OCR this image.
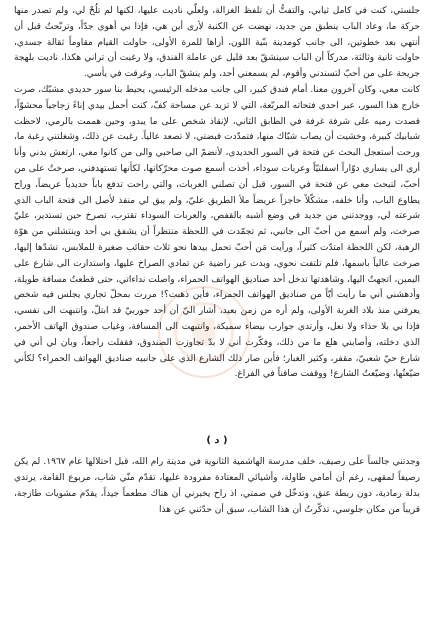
جلستي، كنت في كامل ثيابي، والتفتُّ أن تلفظ الغزالة، ولعلّي ناديت عليها، لكنها لم تلُحْ لي، ولم تصدر منها حركة ما، وعاد الباب ينطبق من جديد، نهضت عن الكنبة لأرى أين هي، فإذا بي أهوي جدّاً، وترنّحتُ قبل أن أنتهي بعد خطوتين، الى جانب كومدينة بنّية اللون، أراها للمرة الأولى، حاولت القيام مقاوماً ثقالة جسدي، حاولت ثانية وثالثة، مدركاً أن الباب سينشقّ بعد قليل عن عاملة الفندق، ولا رغبت أن تراني هكذا، ناديت بلهجة جريحة على من أحبّ لتسندني وأقوم، لم يسمعني أحد، ولم ينشقّ الباب، وغرقت في يأسي.

كانت معي، وكان آخرون معنا. أمام فندق كبير، الى جانب مدخله الرئيسي، يحيط بنا سور حديدي مشبّك، صرت خارج هذا السور، عبر احدى فتحاته المربّعة، التي لا تزيد عن مساحة كفّ، كنت أحمل بيدي إناءً زجاجياً محشوّاً، قصدت رميه على شرفة غرفة في الطابق الثاني، لإنقاذ شخص على ما يبدو، وحين هممت بالرمي، لاحظت شبابيك كبيرة، وخشيت أن يصاب شبّاك منها، فتمدّدت قبضتي، لا تصعد عالياً. رغبت عن ذلك، وشغلتني رغبة ما، ورحت أستعجل البحث عن فتحة في السور الحديدي، لأنضمّ الى صاحبي والى من كانوا معي، ارتعش بدني وأنا أرى الى يساري دوّاراً اسفلتيّاً وعربات سوداء، أخذت أسمع صوت محرّكاتها، لكأنها تستهدفني، صرختُ على من أحبّ، لتبحث معي عن فتحة في السور، قبل أن تصلني العربات، والتي راحت تدفع باباً حديدياً عريضاً، وراح يطاوع الباب، وأنا خلفه، مشكّلاً حاجزاً عريضاً ملأ الطريق عليّ، ولم يبق لي منفذ لأصل الى فتحة الباب الذي شرعته لي، ووجدتني من جديد في وضع أشبه بالقفص، والعربات السوداء تقترب، تصرخ حين تستدير، عليّ صرخت، ولم أسمع من أحبّ الى جانبي، ثم تجمّدت في اللحظة منتظراً أن يشفق بي أحد وينتشلني من هوّة الرهبة، لكن اللحظة امتدّت كثيراً، ورأيت مَن أحبّ تحمل بيدها نحو ثلاث حقائب صغيرة للملابس، تشدّها إليها، صرخت عالياً باسمها، فلم تلتفت نحوي، وبدت غير راضية عن تمادي الصراخ عليها، واستدارت الى شارع على اليمين، اتجهتُ اليها، وشاهدتها تدخل أحد صناديق الهواتف الحمراء، واصلت نداءاتي، حتى قطعتُ مسافة طويلة، وأدهشني أني ما رأيت أيّاً من صناديق الهواتف الحمراء، فأين ذهبت؟! مررت بمحلّ تجاري يجلس فيه شخص يعرفني منذ بلاد الغربة الأولى، ولم أره من زمن بعيد، أشار اليّ أن أحد جوربيّ قد ابتلّ، وانتبهت الى نفسي، فإذا بي بلا حذاء ولا نعل، وأرتدي جوارب بيضاء سميكة، وانتبهت الى المسافة، وغياب صندوق الهاتف الأحمر، الذي دخلته، وأصابني هلع ما من ذلك، وفكّرت أني لا بدّ تجاوزت الصندوق، فقفلت راجعاً، وبان لي أني في شارع حيّ شعبيّ، مقفر، وكثير الغبار؛ فأين صار ذلك الشارع الذي على جانبيه صناديق الهواتف الحمراء؟ لكأني ضيّعتُها، وضيّعتُ الشارع! ووقفت صافناً في الفراغ.

( د )

وجدتني جالساً على رصيف، خلف مدرسة الهاشمية الثانوية في مدينة رام الله، قبل احتلالها عام ١٩٦٧. لم يكن رصيفاً لمقهى، رغم أن أمامي طاولة، وأشيائي المعتادة مفرودة عليها، تقدّم منّي شاب، مربوع القامة، يرتدي بدلة رمادية، دون ربطة عنق، وتدخّل في صمتي، اذ راح يخبرني أن هناك مطعماً جيداً، يقدّم مشويات طازجة، قريباً من مكان جلوسي، تذكّرتُ أن هذا الشاب، سبق أن حدّثني عن هذا
